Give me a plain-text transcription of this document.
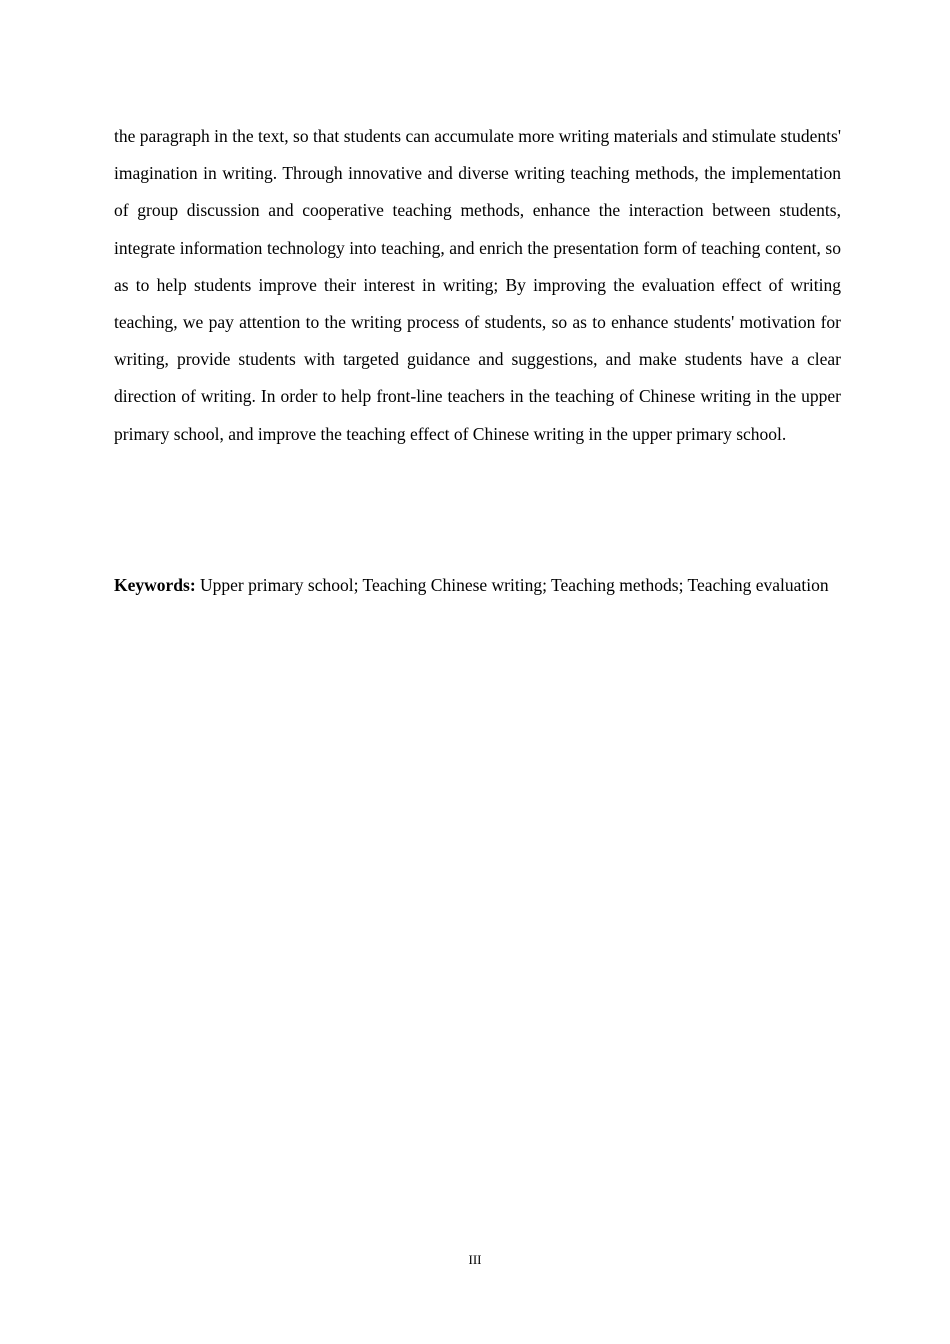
the paragraph in the text, so that students can accumulate more writing materials and stimulate students' imagination in writing. Through innovative and diverse writing teaching methods, the implementation of group discussion and cooperative teaching methods, enhance the interaction between students, integrate information technology into teaching, and enrich the presentation form of teaching content, so as to help students improve their interest in writing; By improving the evaluation effect of writing teaching, we pay attention to the writing process of students, so as to enhance students' motivation for writing, provide students with targeted guidance and suggestions, and make students have a clear direction of writing. In order to help front-line teachers in the teaching of Chinese writing in the upper primary school, and improve the teaching effect of Chinese writing in the upper primary school.

Keywords: Upper primary school; Teaching Chinese writing; Teaching methods; Teaching evaluation

III
